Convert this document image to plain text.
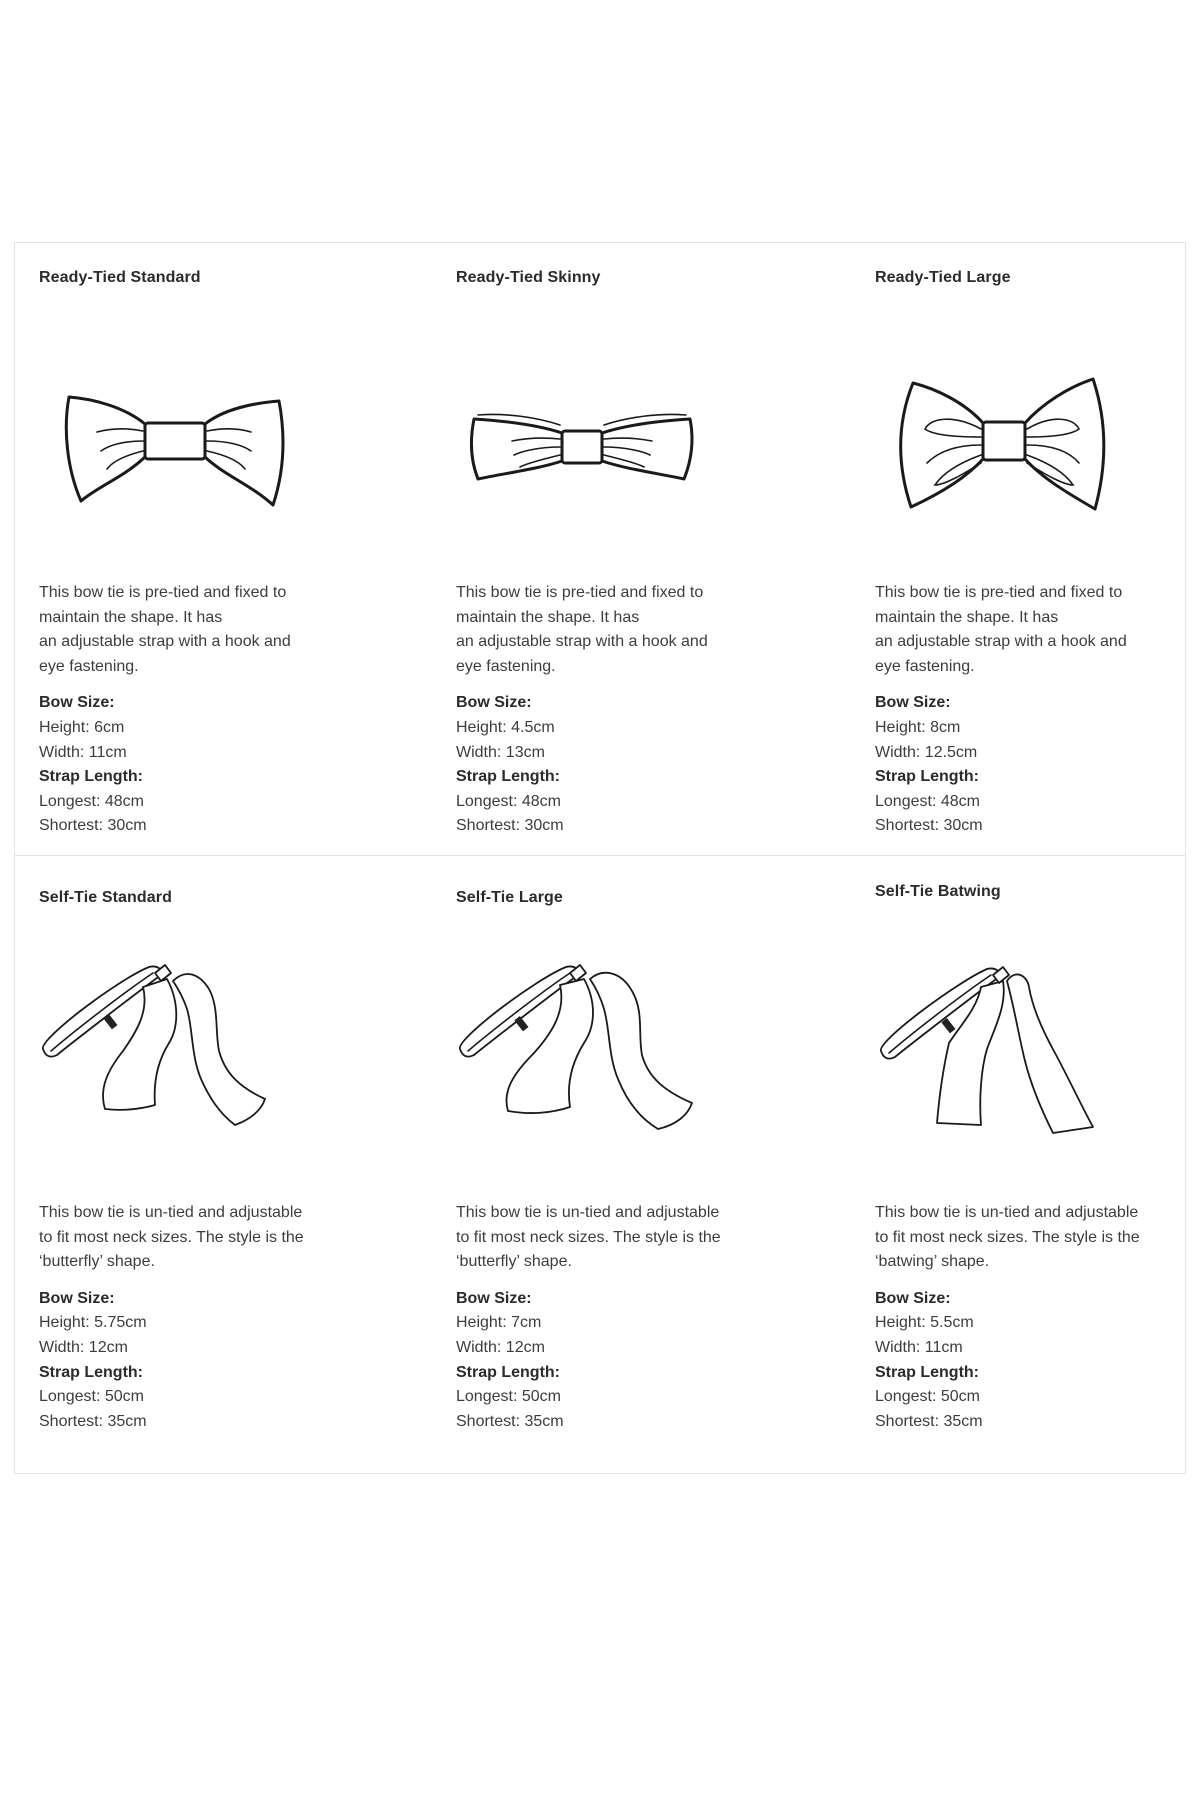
Ready-Tied Standard

This bow tie is pre-tied and fixed to
maintain the shape. It has
an adjustable strap with a hook and
eye fastening.

Bow Size:

Height: 6cm

Width: 11cm

Strap Length:

Longest: 48cm

Shortest: 30cm

Ready-Tied Skinny

This bow tie is pre-tied and fixed to
maintain the shape. It has
an adjustable strap with a hook and
eye fastening.

Bow Size:

Height: 4.5cm

Width: 13cm

Strap Length:

Longest: 48cm

Shortest: 30cm

Ready-Tied Large

This bow tie is pre-tied and fixed to
maintain the shape. It has
an adjustable strap with a hook and
eye fastening.

Bow Size:

Height: 8cm

Width: 12.5cm

Strap Length:

Longest: 48cm

Shortest: 30cm

Self-Tie Standard

This bow tie is un-tied and adjustable
to fit most neck sizes. The style is the
‘butterfly’ shape.

Bow Size:

Height: 5.75cm

Width: 12cm

Strap Length:

Longest: 50cm

Shortest: 35cm

Self-Tie Large

This bow tie is un-tied and adjustable
to fit most neck sizes. The style is the
‘butterfly’ shape.

Bow Size:

Height: 7cm

Width: 12cm

Strap Length:

Longest: 50cm

Shortest: 35cm

Self-Tie Batwing

This bow tie is un-tied and adjustable
to fit most neck sizes. The style is the
‘batwing’ shape.

Bow Size:

Height: 5.5cm

Width: 11cm

Strap Length:

Longest: 50cm

Shortest: 35cm
